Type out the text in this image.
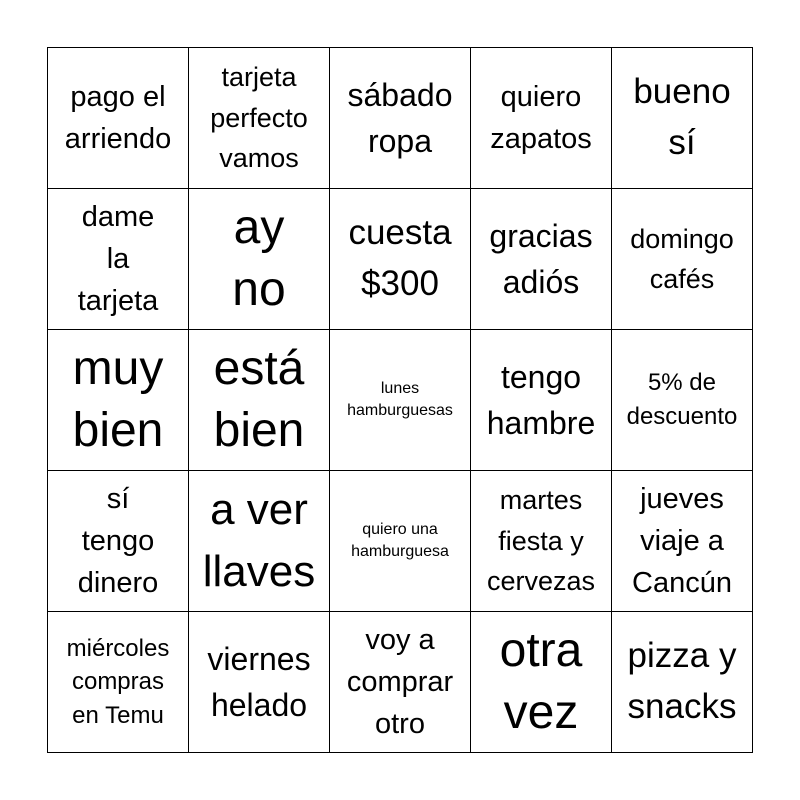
pago el
arriendo
tarjeta
perfecto
vamos
sábado
ropa
quiero
zapatos
bueno
sí
dame
la
tarjeta
ay
no
cuesta
$300
gracias
adiós
domingo
cafés
muy
bien
está
bien
lunes
hamburguesas
tengo
hambre
5% de
descuento
sí
tengo
dinero
a ver
llaves
quiero una
hamburguesa
martes
fiesta y
cervezas
jueves
viaje a
Cancún
miércoles
compras
en Temu
viernes
helado
voy a
comprar
otro
otra
vez
pizza y
snacks
